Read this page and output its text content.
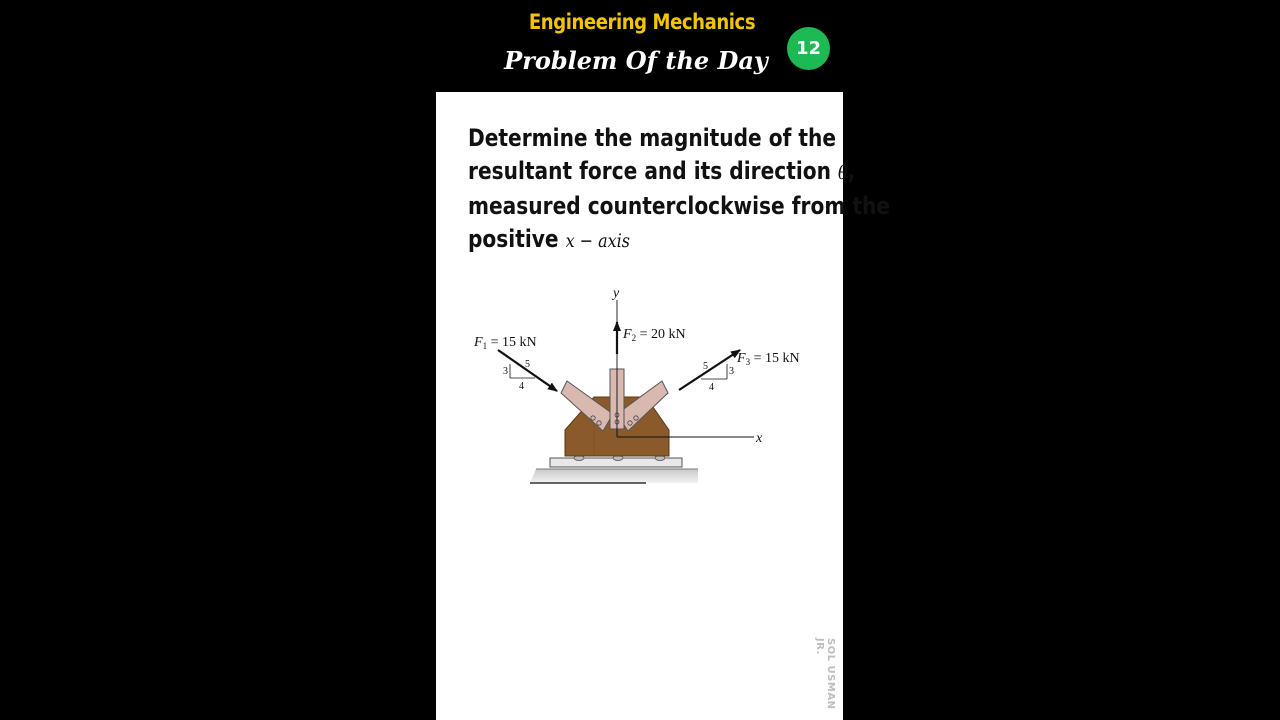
Engineering Mechanics
Problem Of the Day	12
Determine the magnitude of the
resultant force and its direction θ,
measured counterclockwise from the
positive x − axis
y
x
$F_2 = 20$ kN
$F_1 = 15$ kN
5
3
4
$F_3 = 15$ kN
5 3
4
SOL USMAN JR.
